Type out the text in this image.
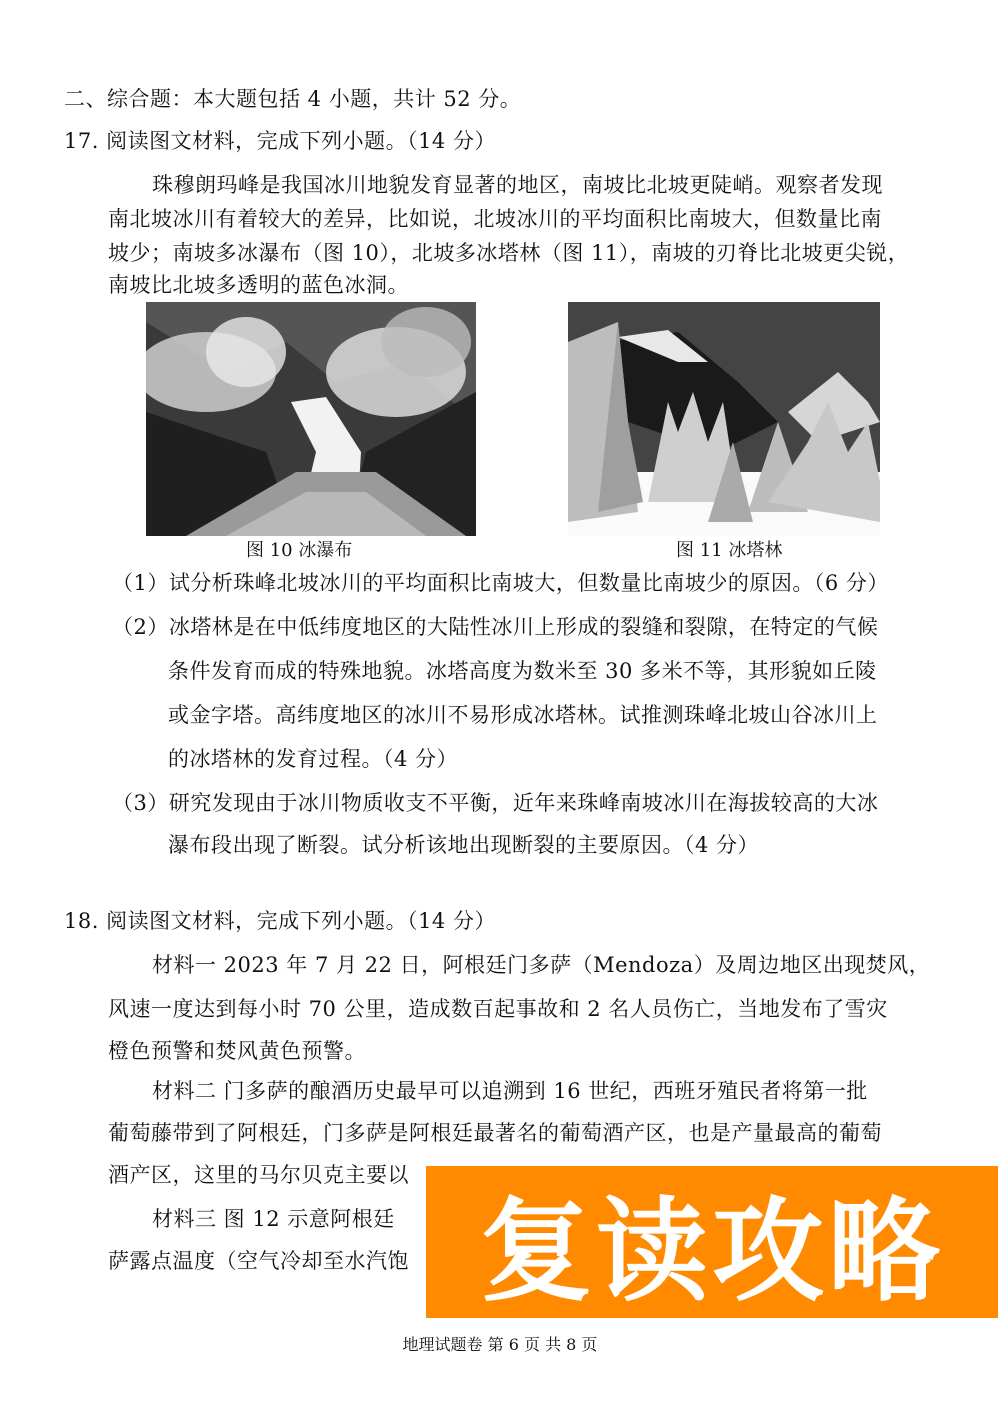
二、综合题：本大题包括 4 小题，共计 52 分。
17. 阅读图文材料，完成下列小题。（14 分）
珠穆朗玛峰是我国冰川地貌发育显著的地区，南坡比北坡更陡峭。观察者发现
南北坡冰川有着较大的差异，比如说，北坡冰川的平均面积比南坡大，但数量比南
坡少；南坡多冰瀑布（图 10），北坡多冰塔林（图 11），南坡的刃脊比北坡更尖锐，
南坡比北坡多透明的蓝色冰洞。
图 10 冰瀑布	图 11 冰塔林
（1）试分析珠峰北坡冰川的平均面积比南坡大，但数量比南坡少的原因。（6 分）
（2）冰塔林是在中低纬度地区的大陆性冰川上形成的裂缝和裂隙，在特定的气候
条件发育而成的特殊地貌。冰塔高度为数米至 30 多米不等，其形貌如丘陵
或金字塔。高纬度地区的冰川不易形成冰塔林。试推测珠峰北坡山谷冰川上
的冰塔林的发育过程。（4 分）
（3）研究发现由于冰川物质收支不平衡，近年来珠峰南坡冰川在海拔较高的大冰
瀑布段出现了断裂。试分析该地出现断裂的主要原因。（4 分）
18. 阅读图文材料，完成下列小题。（14 分）
材料一 2023 年 7 月 22 日，阿根廷门多萨（Mendoza）及周边地区出现焚风，
风速一度达到每小时 70 公里，造成数百起事故和 2 名人员伤亡，当地发布了雪灾
橙色预警和焚风黄色预警。
材料二 门多萨的酿酒历史最早可以追溯到 16 世纪，西班牙殖民者将第一批
葡萄藤带到了阿根廷，门多萨是阿根廷最著名的葡萄酒产区，也是产量最高的葡萄
酒产区，这里的马尔贝克主要以
材料三 图 12 示意阿根廷
萨露点温度（空气冷却至水汽饱 复读攻略
地理试题卷 第 6 页 共 8 页
